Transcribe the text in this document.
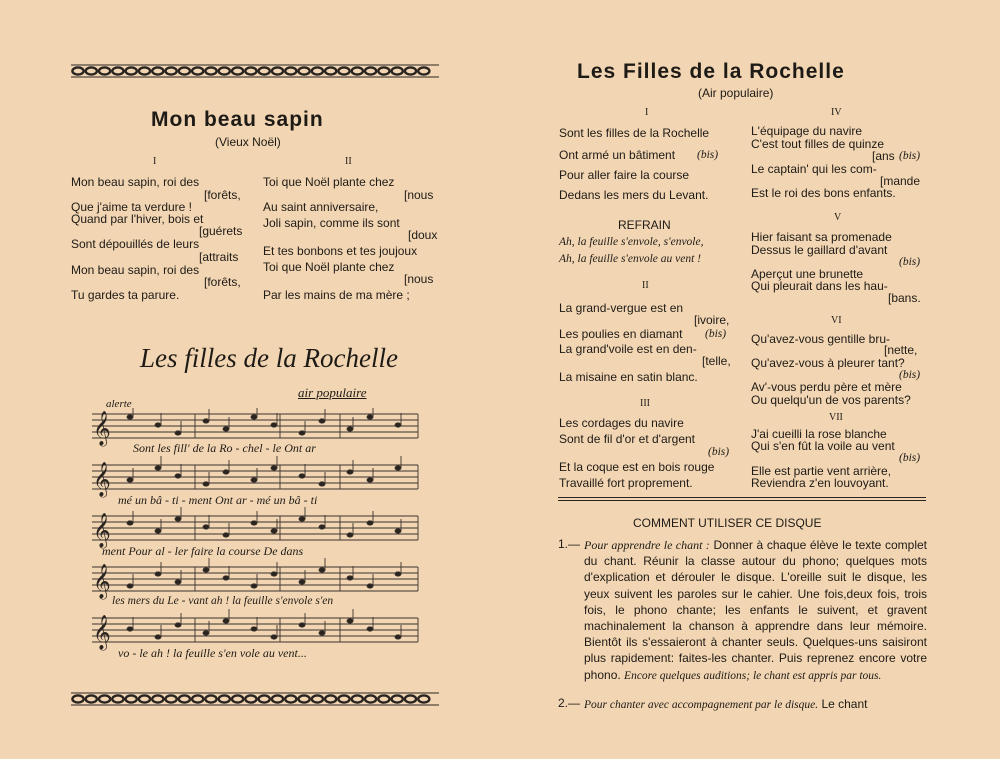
Mon beau sapin
(Vieux Noël)
I	II
Mon beau sapin, roi des
[forêts,
Que j'aime ta verdure !
Quand par l'hiver, bois et
[guérets
Sont dépouillés de leurs
[attraits
Mon beau sapin, roi des
[forêts,
Tu gardes ta parure.
Toi que Noël plante chez
[nous
Au saint anniversaire,
Joli sapin, comme ils sont
[doux
Et tes bonbons et tes joujoux
Toi que Noël plante chez
[nous
Par les mains de ma mère ;
Les filles de la Rochelle
air populaire
alerte
𝄞
𝄞
𝄞
𝄞
𝄞
Sont les fill' de la Ro - chel - le Ont ar
mé un bâ - ti - ment Ont ar - mé un bâ - ti
ment Pour al - ler faire la course De dans
les mers du Le - vant ah ! la feuille s'envole s'en
vo - le ah ! la feuille s'en vole au vent...
Les Filles de la Rochelle
(Air populaire)
I
Sont les filles de la Rochelle
Ont armé un bâtiment (bis)
Pour aller faire la course
Dedans les mers du Levant.
REFRAIN
Ah, la feuille s'envole, s'envole,
Ah, la feuille s'envole au vent !
II
La grand-vergue est en
[ivoire,
Les poulies en diamant (bis)
La grand'voile est en den-
[telle,
La misaine en satin blanc.
III
Les cordages du navire
Sont de fil d'or et d'argent
(bis)
Et la coque est en bois rouge
Travaillé fort proprement.
IV
L'équipage du navire
C'est tout filles de quinze
[ans (bis)
Le captain' qui les com-
[mande
Est le roi des bons enfants.
V
Hier faisant sa promenade
Dessus le gaillard d'avant
(bis)
Aperçut une brunette
Qui pleurait dans les hau-
[bans.
VI
Qu'avez-vous gentille bru-
[nette,
Qu'avez-vous à pleurer tant?
(bis)
Av'-vous perdu père et mère
Ou quelqu'un de vos parents?
VII
J'ai cueilli la rose blanche
Qui s'en fût la voile au vent
(bis)
Elle est partie vent arrière,
Reviendra z'en louvoyant.
COMMENT UTILISER CE DISQUE
1.— Pour apprendre le chant : Donner à chaque élève le texte complet du chant. Réunir la classe autour du phono; quelques mots d'explication et dérouler le disque. L'oreille suit le disque, les yeux suivent les paroles sur le cahier. Une fois,deux fois, trois fois, le phono chante; les enfants le suivent, et gravent machinalement la chanson à apprendre dans leur mémoire. Bientôt ils s'essaieront à chanter seuls. Quelques-uns saisiront plus rapidement: faites-les chanter. Puis reprenez encore votre phono. Encore quelques auditions; le chant est appris par tous.
2.— Pour chanter avec accompagnement par le disque. Le chant
